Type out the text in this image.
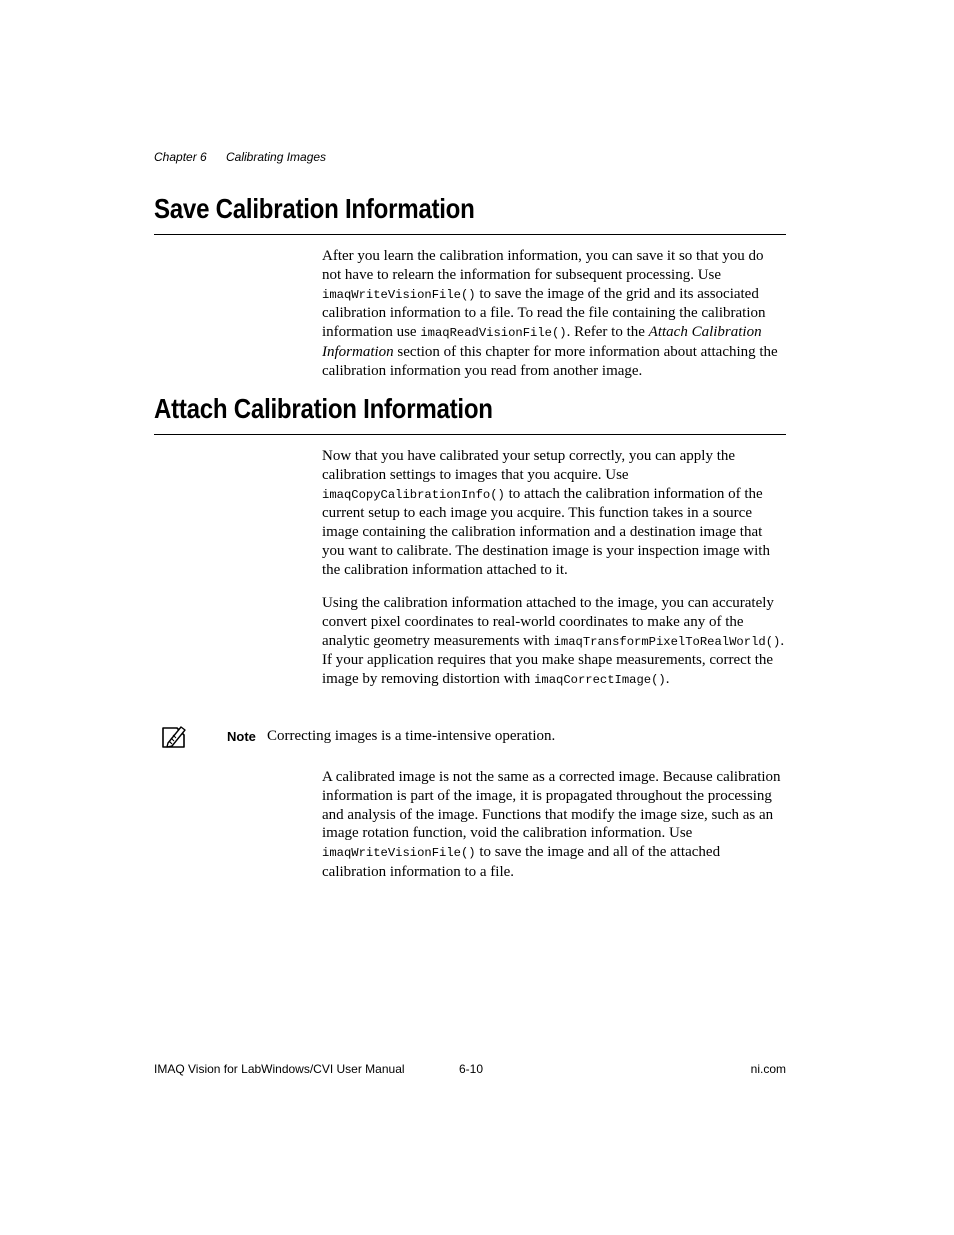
Chapter 6 Calibrating Images
Save Calibration Information

After you learn the calibration information, you can save it so that you do not have to relearn the information for subsequent processing. Use imaqWriteVisionFile() to save the image of the grid and its associated calibration information to a file. To read the file containing the calibration information use imaqReadVisionFile(). Refer to the Attach Calibration Information section of this chapter for more information about attaching the calibration information you read from another image.

Attach Calibration Information

Now that you have calibrated your setup correctly, you can apply the calibration settings to images that you acquire. Use imaqCopyCalibrationInfo() to attach the calibration information of the current setup to each image you acquire. This function takes in a source image containing the calibration information and a destination image that you want to calibrate. The destination image is your inspection image with the calibration information attached to it.

Using the calibration information attached to the image, you can accurately convert pixel coordinates to real-world coordinates to make any of the analytic geometry measurements with imaqTransformPixelToRealWorld(). If your application requires that you make shape measurements, correct the image by removing distortion with imaqCorrectImage().

Note Correcting images is a time-intensive operation.

A calibrated image is not the same as a corrected image. Because calibration information is part of the image, it is propagated throughout the processing and analysis of the image. Functions that modify the image size, such as an image rotation function, void the calibration information. Use imaqWriteVisionFile() to save the image and all of the attached calibration information to a file.

IMAQ Vision for LabWindows/CVI User Manual	6-10	ni.com
